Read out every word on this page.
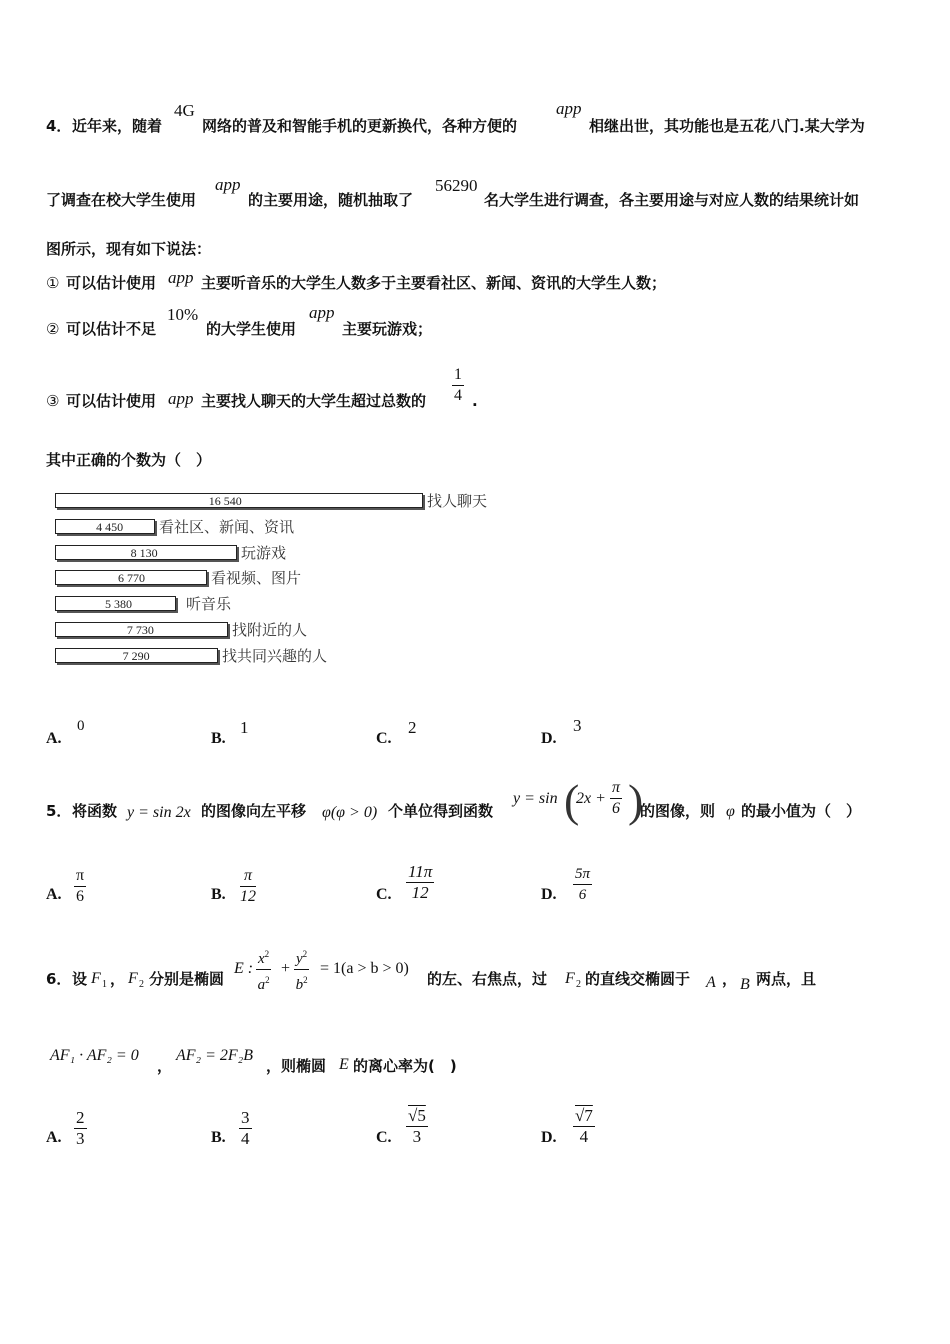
4． 近年来，随着
4G
网络的普及和智能手机的更新换代，各种方便的
app
相继出世，其功能也是五花八门.某大学为
了调查在校大学生使用
app
的主要用途，随机抽取了
56290
名大学生进行调查，各主要用途与对应人数的结果统计如
图所示，现有如下说法：
① 可以估计使用 app 主要听音乐的大学生人数多于主要看社区、新闻、资讯的大学生人数；
② 可以估计不足
10%
的大学生使用
app
主要玩游戏；
③ 可以估计使用 app 主要找人聊天的大学生超过总数的 $\frac{1}{4}$ .
其中正确的个数为（　）
16 540	找人聊天
4 450 看社区、新闻、资讯
8 130	玩游戏
6 770	看视频、图片
5 380	听音乐
7 730	找附近的人
7 290	找共同兴趣的人
A.
0
B.
1
C.
2
D.
3
5． 将函数 y = sin 2x 的图像向左平移 φ(φ > 0) 个单位得到函数
y = sin (
$2x + \frac{\pi}{6}$ )
的图像，则 φ 的最小值为（　）
A. $\frac{\pi}{6}$	B. $\frac{\pi}{12}$	C. $\frac{11\pi}{12}$	D. $\frac{5\pi}{6}$
6． 设 F 1 ， F 2 分别是椭圆
E : $\frac{x^2}{a^2} + \frac{y^2}{b^2} = 1(a > b > 0)$
的左、右焦点，过 F 2 的直线交椭圆于 A ， B 两点，且
AF₁ · AF₂ = 0
，
AF₂ = 2F₂B
，则椭圆 E 的离心率为(　)
A. $\frac{2}{3}$	B. $\frac{3}{4}$	C. $\frac{√5}{3}$	D. $\frac{√7}{4}$
